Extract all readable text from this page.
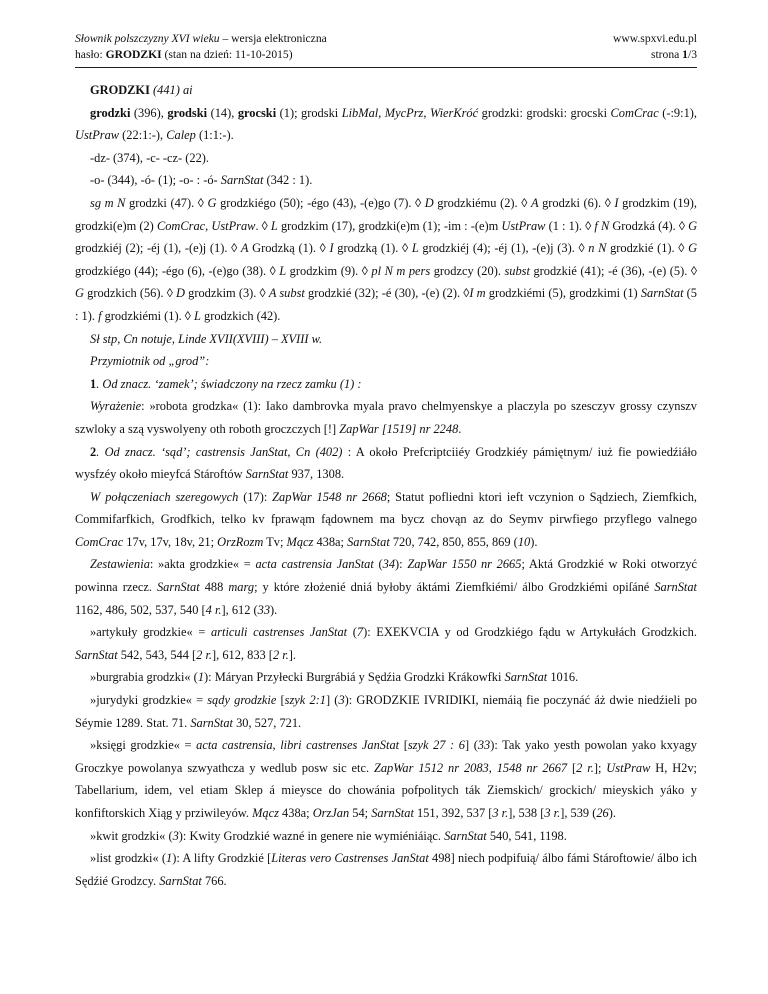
Słownik polszczyzny XVI wieku – wersja elektroniczna	www.spxvi.edu.pl
hasło: GRODZKI (stan na dzień: 11-10-2015)	strona 1/3

GRODZKI (441) ai

grodzki (396), grodski (14), grocski (1); grodski LibMal, MycPrz, WierKróć grodzki: grodski: grocski ComCrac (-:9:1), UstPraw (22:1:-), Calep (1:1:-).

-dz- (374), -c- -cz- (22).

-o- (344), -ó- (1); -o- : -ó- SarnStat (342 : 1).

sg m N grodzki (47). ◊ G grodzkiégo (50); -égo (43), -(e)go (7). ◊ D grodzkiému (2). ◊ A grodzki (6). ◊ I grodzkim (19), grodzki(e)m (2) ComCrac, UstPraw. ◊ L grodzkim (17), grodzki(e)m (1); -im : -(e)m UstPraw (1 : 1). ◊ f N Grodzká (4). ◊ G grodzkiéj (2); -éj (1), -(e)j (1). ◊ A Grodzką (1). ◊ I grodzką (1). ◊ L grodzkiéj (4); -éj (1), -(e)j (3). ◊ n N grodzkié (1). ◊ G grodzkiégo (44); -égo (6), -(e)go (38). ◊ L grodzkim (9). ◊ pl N m pers grodzcy (20). subst grodzkié (41); -é (36), -(e) (5). ◊ G grodzkich (56). ◊ D grodzkim (3). ◊ A subst grodzkié (32); -é (30), -(e) (2). ◊I m grodzkiémi (5), grodzkimi (1) SarnStat (5 : 1). f grodzkiémi (1). ◊ L grodzkich (42).

Sł stp, Cn notuje, Linde XVII(XVIII) – XVIII w.

Przymiotnik od „grod”:

1. Od znacz. ‘zamek’; świadczony na rzecz zamku (1) :

Wyrażenie: »robota grodzka« (1): Iako dambrovka myala pravo chelmyenskye a placzyla po szesczyv grossy czynszv szwloky a szą vyswolyeny oth roboth groczczych [!] ZapWar [1519] nr 2248.

2. Od znacz. ‘sąd’; castrensis JanStat, Cn (402) : A około Prefcriptciiéy Grodzkiéy pámiętnym/ iuż fie powiedźiáło wysfzéy około mieyfcá Stároftów SarnStat 937, 1308.

W połączeniach szeregowych (17): ZapWar 1548 nr 2668; Statut pofliedni ktori ieft vczynion o Sądziech, Ziemfkich, Commifarfkich, Grodfkich, telko kv fprawąm fądownem ma bycz chovąn az do Seymv pirwfiego przyflego valnego ComCrac 17v, 17v, 18v, 21; OrzRozm Tv; Mącz 438a; SarnStat 720, 742, 850, 855, 869 (10).

Zestawienia: »akta grodzkie« = acta castrensia JanStat (34): ZapWar 1550 nr 2665; Aktá Grodzkié w Roki otworzyć powinna rzecz. SarnStat 488 marg; y które złożenié dniá byłoby áktámi Ziemfkiémi/ álbo Grodzkiémi opiſáné SarnStat 1162, 486, 502, 537, 540 [4 r.], 612 (33).

»artykuły grodzkie« = articuli castrenses JanStat (7): EXEKVCIA y od Grodzkiégo fądu w Artykułách Grodzkich. SarnStat 542, 543, 544 [2 r.], 612, 833 [2 r.].

»burgrabia grodzki« (1): Máryan Przyłecki Burgrábiá y Sędźia Grodzki Krákowfki SarnStat 1016.

»jurydyki grodzkie« = sądy grodzkie [szyk 2:1] (3): GRODZKIE IVRIDIKI, niemáią fie poczynáć áż dwie niedźieli po Séymie 1289. Stat. 71. SarnStat 30, 527, 721.

»księgi grodzkie« = acta castrensia, libri castrenses JanStat [szyk 27 : 6] (33): Tak yako yesth powolan yako kxyagy Groczkye powolanya szwyathcza y wedlub posw sic etc. ZapWar 1512 nr 2083, 1548 nr 2667 [2 r.]; UstPraw H, H2v; Tabellarium, idem, vel etiam Sklep á mieysce do chowánia pofpolitych ták Ziemskich/ grockich/ mieyskich yáko y konfiftorskich Xiąg y prziwileyów. Mącz 438a; OrzJan 54; SarnStat 151, 392, 537 [3 r.], 538 [3 r.], 539 (26).

»kwit grodzki« (3): Kwity Grodzkié wazné in genere nie wymiéniáiąc. SarnStat 540, 541, 1198.

»list grodzki« (1): A lifty Grodzkié [Literas vero Castrenses JanStat 498] niech podpifuią/ álbo fámi Stároftowie/ álbo ich Sędźié Grodzcy. SarnStat 766.
